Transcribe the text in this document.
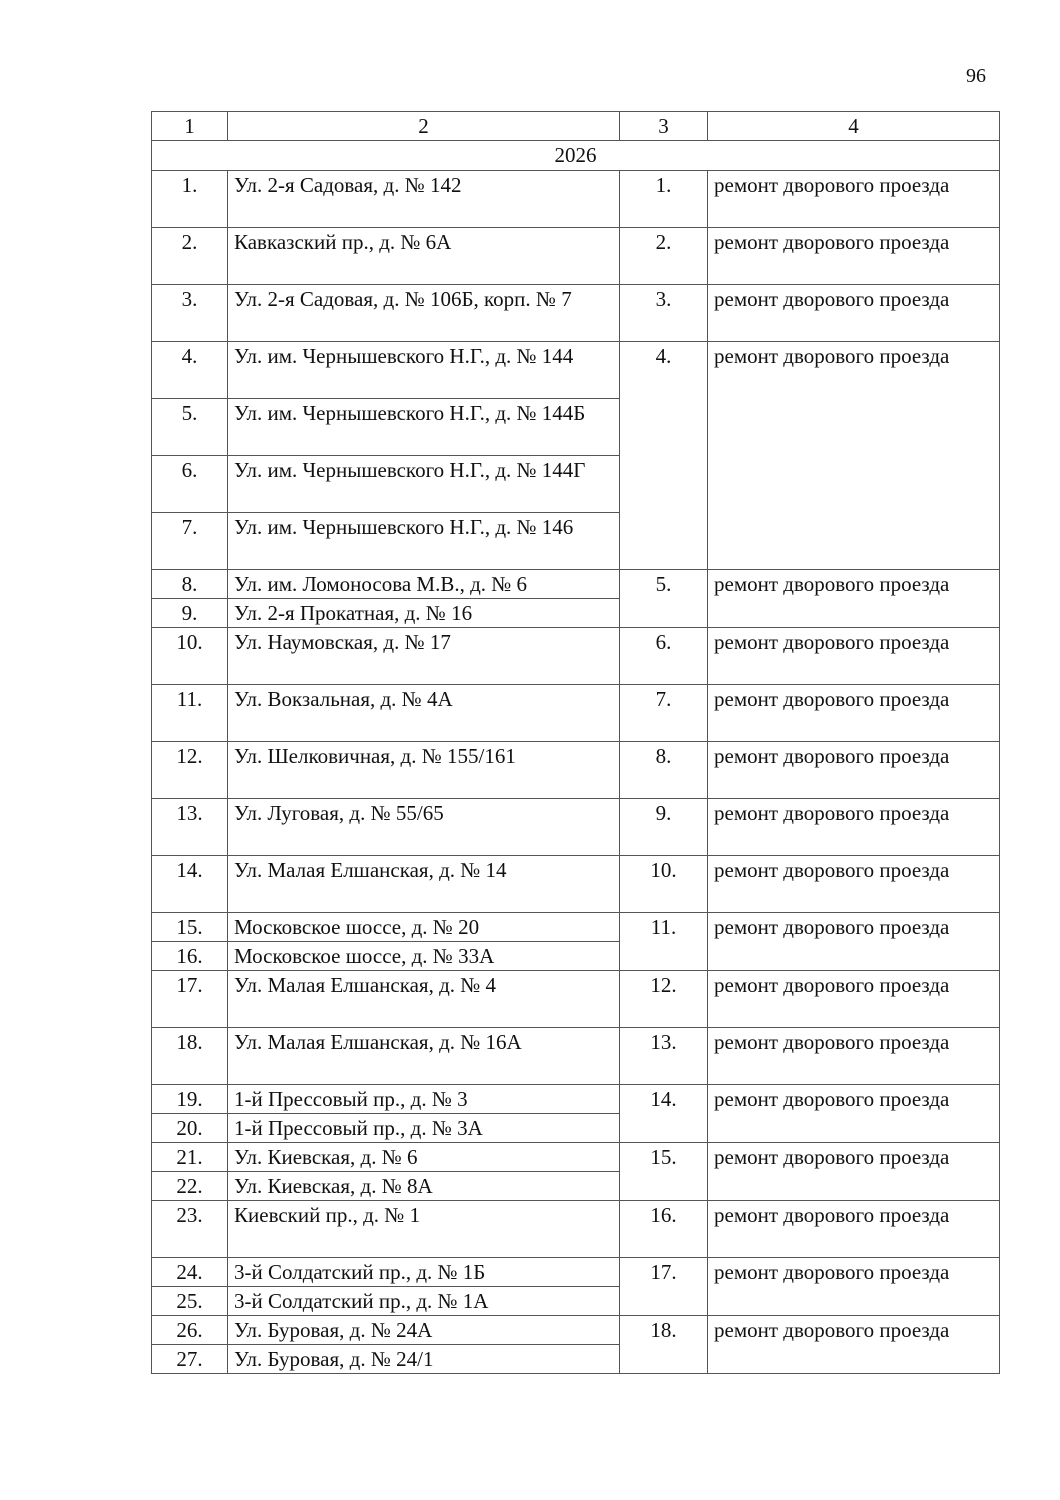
96
1	2	3	4
2026			
1.	Ул. 2-я Садовая, д. № 142	1.	ремонт дворового проезда
2.	Кавказский пр., д. № 6А	2.	ремонт дворового проезда
3.	Ул. 2-я Садовая, д. № 106Б, корп. № 7	3.	ремонт дворового проезда
4.	Ул. им. Чернышевского Н.Г., д. № 144	4.	ремонт дворового проезда
5.	Ул. им. Чернышевского Н.Г., д. № 144Б		
6.	Ул. им. Чернышевского Н.Г., д. № 144Г		
7.	Ул. им. Чернышевского Н.Г., д. № 146		
8.	Ул. им. Ломоносова М.В., д. № 6	5.	ремонт дворового проезда
9.	Ул. 2-я Прокатная, д. № 16		
10.	Ул. Наумовская, д. № 17	6.	ремонт дворового проезда
11.	Ул. Вокзальная, д. № 4А	7.	ремонт дворового проезда
12.	Ул. Шелковичная, д. № 155/161	8.	ремонт дворового проезда
13.	Ул. Луговая, д. № 55/65	9.	ремонт дворового проезда
14.	Ул. Малая Елшанская, д. № 14	10.	ремонт дворового проезда
15.	Московское шоссе, д. № 20	11.	ремонт дворового проезда
16.	Московское шоссе, д. № 33А		
17.	Ул. Малая Елшанская, д. № 4	12.	ремонт дворового проезда
18.	Ул. Малая Елшанская, д. № 16А	13.	ремонт дворового проезда
19.	1-й Прессовый пр., д. № 3	14.	ремонт дворового проезда
20.	1-й Прессовый пр., д. № 3А		
21.	Ул. Киевская, д. № 6	15.	ремонт дворового проезда
22.	Ул. Киевская, д. № 8А		
23.	Киевский пр., д. № 1	16.	ремонт дворового проезда
24.	3-й Солдатский пр., д. № 1Б	17.	ремонт дворового проезда
25.	3-й Солдатский пр., д. № 1А		
26.	Ул. Буровая, д. № 24А	18.	ремонт дворового проезда
27.	Ул. Буровая, д. № 24/1		
